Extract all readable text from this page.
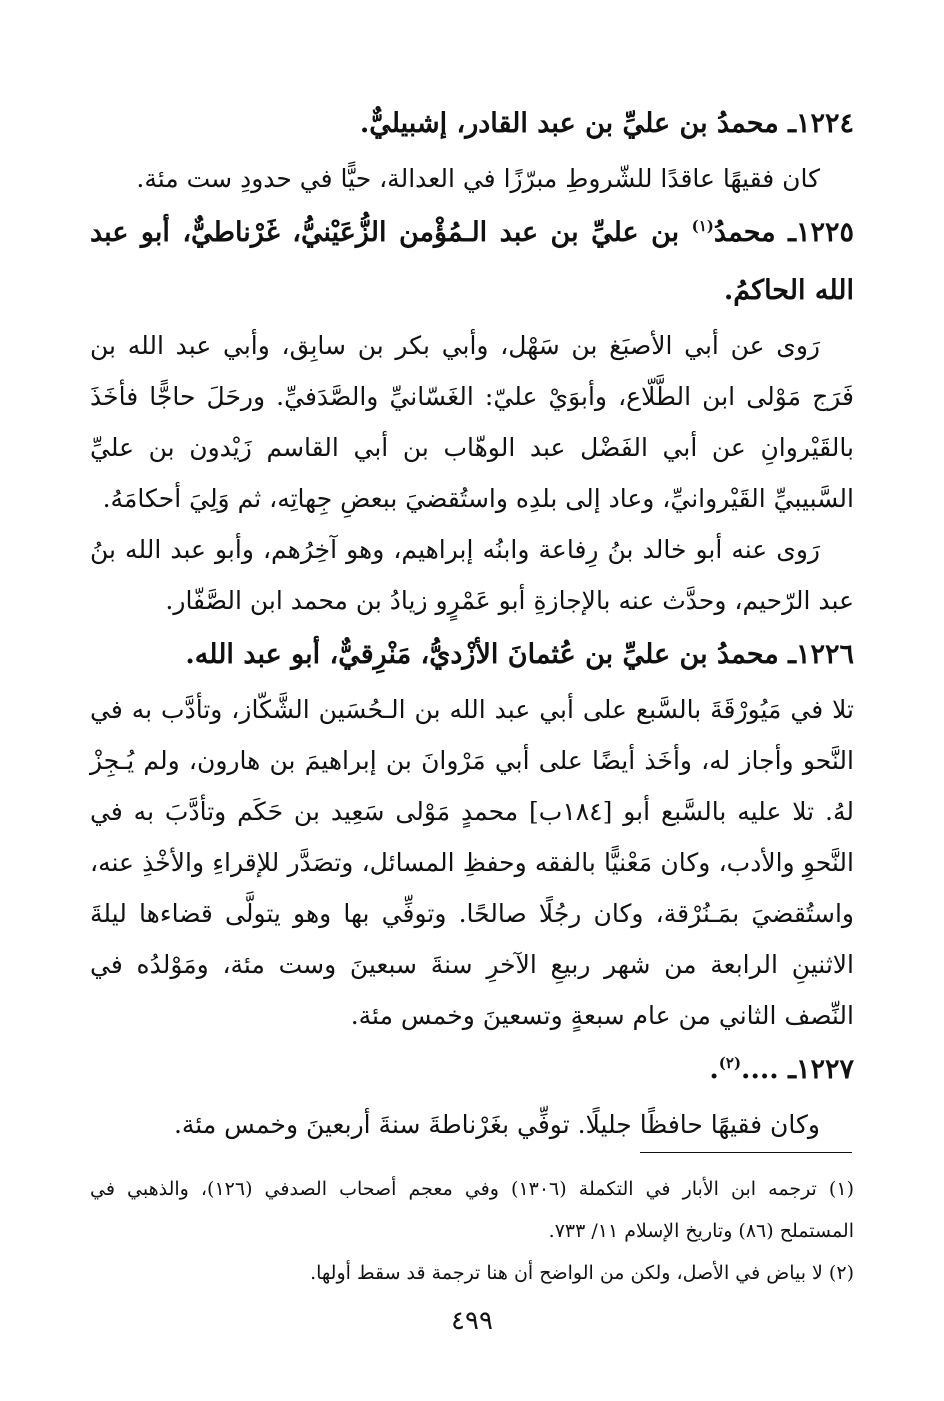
١٢٢٤ـ محمدُ بن عليِّ بن عبد القادر، إشبيليٌّ.

كان فقيهًا عاقدًا للشّروطِ مبرّزًا في العدالة، حيًّا في حدودِ ست مئة.

١٢٢٥ـ محمدُ$^{(١)}$ بن عليِّ بن عبد الـمُؤْمن الزُّعَيْنيُّ، غَرْناطيٌّ، أبو عبد الله الحاكمُ.

رَوى عن أبي الأصبَغ بن سَهْل، وأبي بكر بن سابِق، وأبي عبد الله بن فَرَج مَوْلى ابن الطَّلّاع، وأبوَيْ عليّ: الغَسّانيِّ والصَّدَفيِّ. ورحَلَ حاجًّا فأخَذَ بالقَيْروانِ عن أبي الفَضْل عبد الوهّاب بن أبي القاسم زَيْدون بن عليِّ السَّبيبيِّ القَيْروانيِّ، وعاد إلى بلدِه واستُقضيَ ببعضِ جِهاتِه، ثم وَلِيَ أحكامَهُ.

رَوى عنه أبو خالد بنُ رِفاعة وابنُه إبراهيم، وهو آخِرُهم، وأبو عبد الله بنُ عبد الرّحيم، وحدَّث عنه بالإجازةِ أبو عَمْرٍو زيادُ بن محمد ابن الصَّفّار.

١٢٢٦ـ محمدُ بن عليِّ بن عُثمانَ الأزْديُّ، مَنْرِقيٌّ، أبو عبد الله.

تلا في مَيُورْقَةَ بالسَّبع على أبي عبد الله بن الـحُسَين الشَّكّاز، وتأدَّب به في النَّحو وأجاز له، وأخَذ أيضًا على أبي مَرْوانَ بن إبراهيمَ بن هارون، ولم يُـجِزْ لهُ. تلا عليه بالسَّبع أبو [١٨٤ب] محمدٍ مَوْلى سَعِيد بن حَكَم وتأدَّبَ به في النَّحوِ والأدب، وكان مَعْنيًّا بالفقه وحفظِ المسائل، وتصَدَّر للإقراءِ والأخْذِ عنه، واستُقضيَ بمَـنُرْقة، وكان رجُلًا صالحًا. وتوفِّي بها وهو يتولَّى قضاءها ليلةَ الاثنينِ الرابعة من شهر ربيعِ الآخرِ سنةَ سبعينَ وست مئة، ومَوْلدُه في النِّصف الثاني من عام سبعةٍ وتسعينَ وخمس مئة.

١٢٢٧ـ ....$^{(٢)}$.

وكان فقيهًا حافظًا جليلًا. توفِّي بغَرْناطةَ سنةَ أربعينَ وخمس مئة.

(١) ترجمه ابن الأبار في التكملة (١٣٠٦) وفي معجم أصحاب الصدفي (١٢٦)، والذهبي في المستملح (٨٦) وتاريخ الإسلام ١١/ ٧٣٣.

(٢) لا بياض في الأصل، ولكن من الواضح أن هنا ترجمة قد سقط أولها.

٤٩٩
